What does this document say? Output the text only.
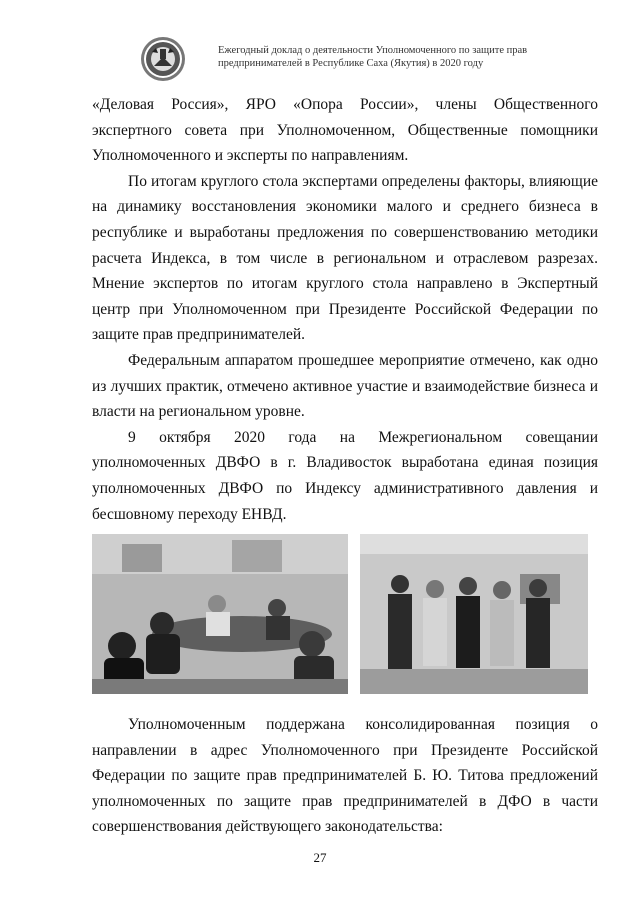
Ежегодный доклад о деятельности Уполномоченного по защите прав
предпринимателей в Республике Саха (Якутия) в 2020 году

«Деловая Россия», ЯРО «Опора России», члены Общественного экспертного совета при Уполномоченном, Общественные помощники Уполномоченного и эксперты по направлениям.

По итогам круглого стола экспертами определены факторы, влияющие на динамику восстановления экономики малого и среднего бизнеса в республике и выработаны предложения по совершенствованию методики расчета Индекса, в том числе в региональном и отраслевом разрезах. Мнение экспертов по итогам круглого стола направлено в Экспертный центр при Уполномоченном при Президенте Российской Федерации по защите прав предпринимателей.

Федеральным аппаратом прошедшее мероприятие отмечено, как одно из лучших практик, отмечено активное участие и взаимодействие бизнеса и власти на региональном уровне.

9 октября 2020 года на Межрегиональном совещании уполномоченных ДВФО в г. Владивосток выработана единая позиция уполномоченных ДВФО по Индексу административного давления и бесшовному переходу ЕНВД.

Уполномоченным поддержана консолидированная позиция о направлении в адрес Уполномоченного при Президенте Российской Федерации по защите прав предпринимателей Б. Ю. Титова предложений уполномоченных по защите прав предпринимателей в ДФО в части совершенствования действующего законодательства:

27
